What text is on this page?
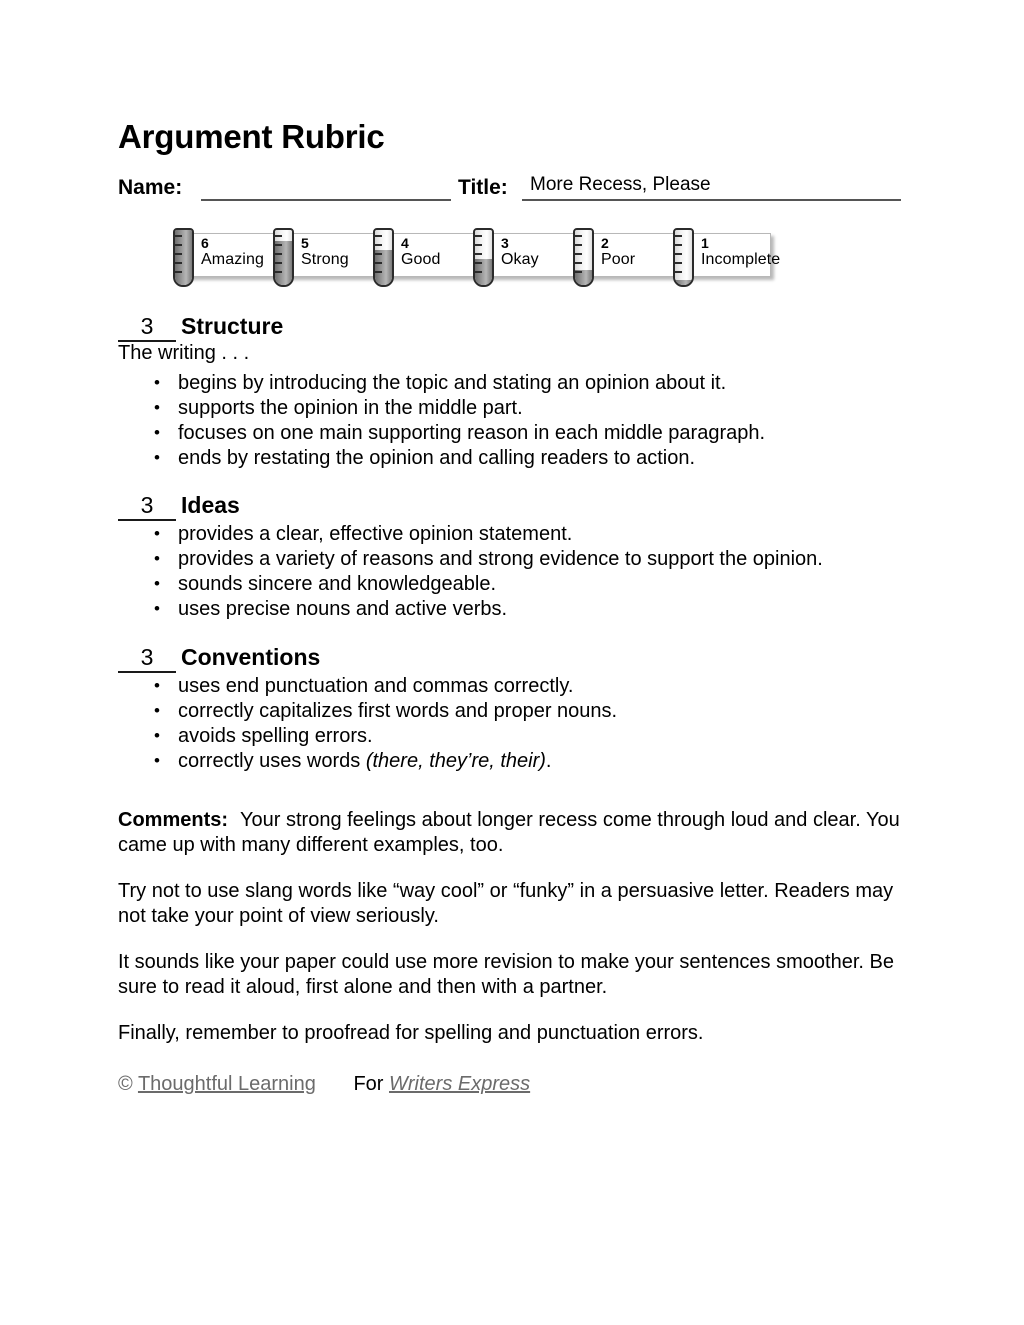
Argument Rubric
Name:	Title: More Recess, Please
6
Amazing
5
Strong
4
Good
3
Okay
2
Poor
1
Incomplete
3	Structure
The writing . . .
• begins by introducing the topic and stating an opinion about it.
• supports the opinion in the middle part.
• focuses on one main supporting reason in each middle paragraph.
• ends by restating the opinion and calling readers to action.
3	Ideas
• provides a clear, effective opinion statement.
• provides a variety of reasons and strong evidence to support the opinion.
• sounds sincere and knowledgeable.
• uses precise nouns and active verbs.
3	Conventions
• uses end punctuation and commas correctly.
• correctly capitalizes first words and proper nouns.
• avoids spelling errors.
• correctly uses words (there, they’re, their).

Comments: Your strong feelings about longer recess come through loud and clear. You came up with many different examples, too.

Try not to use slang words like “way cool” or “funky” in a persuasive letter. Readers may not take your point of view seriously.

It sounds like your paper could use more revision to make your sentences smoother. Be sure to read it aloud, first alone and then with a partner.

Finally, remember to proofread for spelling and punctuation errors.

© Thoughtful Learning For Writers Express
